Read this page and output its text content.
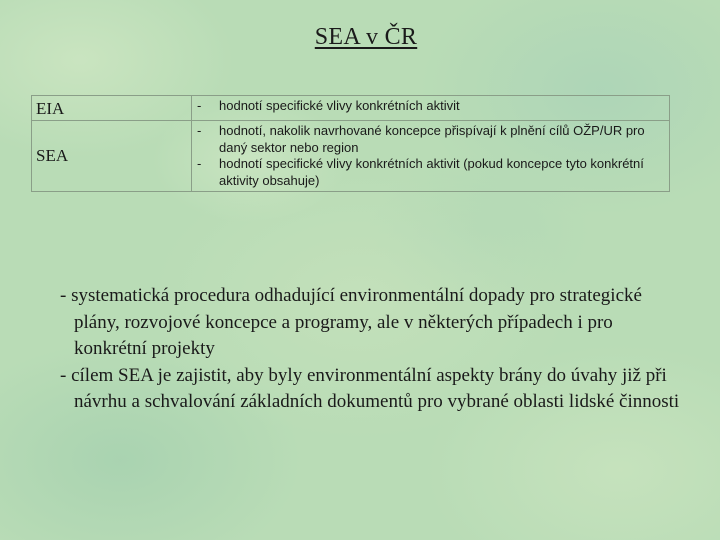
SEA v ČR
EIA	- hodnotí specifické vlivy konkrétních aktivit

SEA	- hodnotí, nakolik navrhované koncepce přispívají k plnění cílů OŽP/UR pro daný sektor nebo region
- hodnotí specifické vlivy konkrétních aktivit (pokud koncepce tyto konkrétní aktivity obsahuje)
- systematická procedura odhadující environmentální dopady pro strategické plány, rozvojové koncepce a programy, ale v některých případech i pro konkrétní projekty
- cílem SEA je zajistit, aby byly environmentální aspekty brány do úvahy již při návrhu a schvalování základních dokumentů pro vybrané oblasti lidské činnosti
